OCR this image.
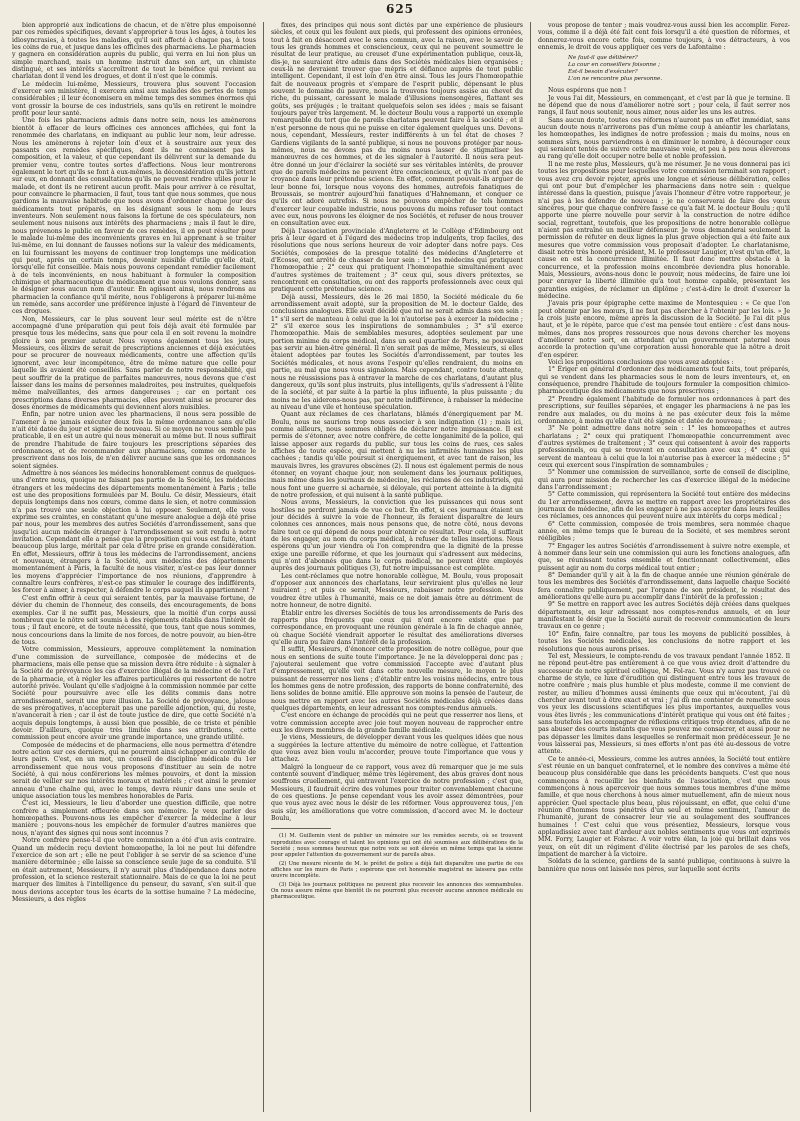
625

bien approprié aux indications de chacun, et de n'être plus empoisonné par ces remèdes spécifiques, devant s'approprier à tous les âges, à toutes les idiosyncrasies, à toutes les maladies, qu'il soit affecté à chaque pas, à tous les coins de rue, et jusque dans les officines des pharmaciens. Le pharmacien y gagnera en considération auprès du public, qui verra en lui non plus un simple marchand, mais un homme instruit dans son art, un chimiste distingué, et ses intérêts s'accroîtront de tout le bénéfice qui revient au charlatan dont il vend les drogues, et dont il n'est que le commis.

Le médecin lui-même, Messieurs, trouvera plus souvent l'occasion d'exercer son ministère, il exercera ainsi aux malades des pertes de temps considérables ; il leur économisera en même temps des sommes énormes qui vont grossir la bourse de ces industriels, sans qu'ils en retirent le moindre profit pour leur santé.

Une fois les pharmaciens admis dans notre sein, nous les amènerons bientôt à effacer de leurs officines ces annonces affichées, qui font la renommée des charlatans, en indiquant au public leur nom, leur adresse. Nous les amènerons à rejeter loin d'eux et à soustraire aux yeux des passants ces remèdes spécifiques, dont ils ne connaissent pas la composition, et la valeur, et que cependant ils délivrent sur la demande du premier venu, contre toutes sortes d'affections. Nous leur montrerons également le tort qu'ils se font à eux-mêmes, la déconsidération qu'ils jettent sur eux, en donnant des consultations qu'ils ne peuvent rendre utiles pour le malade, et dont ils ne retirent aucun profit. Mais pour arriver à ce résultat, pour convaincre le pharmacien, il faut, tous tant que nous sommes, que nous gardions la mauvaise habitude que nous avons d'ordonner chaque jour des médicaments tout préparés, en les désignant sous le nom de leurs inventeurs. Non seulement nous faisons la fortune de ces spéculateurs, non seulement nous nuisons aux intérêts des pharmaciens ; mais il faut le dire, nous prévenons le public en faveur de ces remèdes, il en peut résulter pour le malade lui-même des inconvénients graves en lui apprenant à se traiter lui-même, en lui donnant de fausses notions sur la valeur des médicaments, en lui fournissant les moyens de continuer trop longtemps une médication qui peut, après un certain temps, devenir nuisible d'utile qu'elle était, lorsqu'elle fut conseillée. Mais nous pouvons cependant remédier facilement à de tels inconvénients, en nous habituant à formuler la composition chimique et pharmaceutique du médicament que nous voulons donner, sans le désigner sous aucun nom d'auteur. En agissant ainsi, nous rendrons au pharmacien la confiance qu'il mérite, nous l'obligerons à préparer lui-même un remède, sans accorder une préférence injuste à l'égard de l'inventeur de ces drogues.

Non, Messieurs, car le plus souvent leur seul mérite est de n'être accompagné d'une préparation qui peut fois déjà avait été formulée par presque tous les médecins, sans que pour cela il en soit revenu la moindre gloire à son premier auteur. Nous voyons également tous les jours, Messieurs, ces élixirs de serait de prescriptions anciennes et déjà exécutées pour se procurer de nouveaux médicaments, contre une affection qu'ils ignorent, avec leur incompétence, être de même nature que celle pour laquelle ils avaient été conseillés. Sans parler de notre responsabilité, qui peut souffrir de la pratique de parfaites manœuvres, nous devons que c'est laisser dans les mains de personnes maladroites, peu instruites, quelquefois même malveillantes, des armes dangereuses ; car en portant ces prescriptions dans diverses pharmacies, elles peuvent ainsi se procurer des doses énormes de médicaments qui deviennent alors nuisibles.

Enfin, par notre union avec les pharmaciens, il nous sera possible de l'amener à ne jamais exécuter deux fois la même ordonnance sans qu'elle n'ait été datée du jour et signée de nouveau. Si ce moyen ne vous semble pas praticable, il en est un autre qui nous mènerait au même but. Il nous suffirait de prendre l'habitude de faire toujours les prescriptions séparées des ordonnances, et de recommander aux pharmaciens, comme on reste le prescrivent dans nos lois, de n'en délivrer aucune sans que les ordonnances soient signées.

Admettre à nos séances les médecins honorablement connus de quelques-uns d'entre nous, quoique ne faisant pas partie de la Société, les médecins étrangers et les médecins des départements momentanément à Paris ; telle est une des propositions formulées par M. Boulu. Ce désir, Messieurs, était depuis longtemps dans nos cœurs, comme dans le sien, et notre commission n'a pas trouvé une seule objection à lui opposer. Seulement, elle vous exprime ses craintes, en constatant qu'une mesure analogue a déjà été prise par nous, pour les membres des autres Sociétés d'arrondissement, sans que jusqu'ici aucun médecin étranger à l'arrondissement se soit rendu à notre invitation. Cependant elle a pensé que la proposition qui vous est faite, étant beaucoup plus large, méritait par cela d'être prise en grande considération. En effet, Messieurs, offrir à tous les médecins de l'arrondissement, anciens et nouveaux, étrangers à la Société, aux médecins des départements momentanément à Paris, la faculté de nous visiter, n'est-ce pas leur donner les moyens d'apprécier l'importance de nos réunions, d'apprendre à connaître leurs confrères, n'est-ce pas stimuler le courage des indifférents, les forcer à aimer, à respecter, à défendre le corps auquel ils appartiennent ?

C'est enfin offrir à ceux qui seraient tentés, par la mauvaise fortune, de dévier du chemin de l'honneur, des conseils, des encouragements, de bons exemples. Car il ne suffit pas, Messieurs, que la moitié d'un corps aussi nombreux que le nôtre soit soumis à des règlements établis dans l'intérêt de tous ; il faut encore, et de toute nécessité, que tous, tant que nous sommes, nous concourions dans la limite de nos forces, de notre pouvoir, au bien-être de tous.

Votre commission, Messieurs, approuve complètement la nomination d'une commission de surveillance, composée de médecins et de pharmaciens, mais elle pense que sa mission devra être réduite : à signaler à la Société de prévoyance les cas d'exercice illégal de la médecine et de l'art de la pharmacie, et à régler les affaires particulières qui ressortent de notre autorité privée. Voulant qu'elle s'adjoigne à la commission nommée par cette Société pour poursuivre avec elle les délits commis dans notre arrondissement, serait une pure illusion. La Société de prévoyance, jalouse de ses prérogatives, n'accepterait pas une pareille adjonction, qui, du reste, n'avancerait à rien ; car il est de toute justice de dire, que cette Société n'a acquis depuis longtemps, à aussi bien que possible, de ce triste et pénible devoir. D'ailleurs, quoique très limitée dans ses attributions, cette commission peut encore avoir une grande importance, une grande utilité.

Composée de médecins et de pharmaciens, elle nous permettra d'étendre notre action sur ces derniers, qui ne pourront ainsi échapper au contrôle de leurs pairs. C'est, en un mot, un conseil de discipline médicale du 1er arrondissement que nous vous proposons d'instituer au sein de notre Société, à qui nous conférerions les mêmes pouvoirs, et dont la mission serait de veiller sur nos intérêts moraux et matériels ; c'est ainsi le premier anneau d'une chaîne qui, avec le temps, devra réunir dans une seule et unique association tous les membres honorables de Paris.

C'est ici, Messieurs, le lieu d'aborder une question difficile, que notre confrère a simplement effleurée dans son mémoire. Je veux parler des homœopathes. Pouvons-nous les empêcher d'exercer la médecine à leur manière ; pouvons-nous les empêcher de formuler d'autres manières que nous, n'ayant des signes qui nous sont inconnus ?

Notre confrère pense-t-il que votre commission a été d'un avis contraire. Quand un médecin reçu devient homœopathe, la loi ne peut lui défendre l'exercice de son art ; elle ne peut l'obliger à se servir de sa science d'une manière déterminée ; elle laisse sa conscience seule juge de sa conduite. S'il en était autrement, Messieurs, il n'y aurait plus d'indépendance dans notre profession, et la science resterait stationnaire. Mais de ce que la loi ne peut marquer des limites à l'intelligence du penseur, du savant, s'en suit-il que nous devions accepter tous les écarts de la sottise humaine ? La médecine, Messieurs, a des règles

fixes, des principes qui nous sont dictés par une expérience de plusieurs siècles, et ceux qui les foulent aux pieds, qui professent des opinions erronées, tout à fait en désaccord avec le sens commun, avec la raison, avec le savoir de tous les grands hommes et consciencieux, ceux qui ne peuvent soumettre le résultat de leur pratique, au creuset d'une expérimentation publique, ceux-là, dis-je, ne sauraient être admis dans des Sociétés médicales bien organisées ; ceux-là ne devraient trouver que mépris et défiance auprès de tout public intelligent. Cependant, il est loin d'en être ainsi. Tous les jours l'homœopathie fait de nouveaux progrès et s'empare de l'esprit public, dépensant le plus souvent le domaine du pauvre, nous la trouvons toujours assise au chevet du riche, du puissant, caressant le malade d'illusions mensongères, flattant ses goûts, ses préjugés ; le traitant quelquefois selon ses idées ; mais se faisant toujours payer très largement. M. le docteur Boulu vous a rapporté un exemple remarquable du tort que de pareils charlatans peuvent faire à la société ; et il n'est personne de nous qui ne puisse en citer également quelques uns. Devons-nous, cependant, Messieurs, rester indifférents à un tel état de choses ? Gardiens vigilants de la santé publique, si nous ne pouvons protéger par nous-mêmes, nous ne devons pas du moins nous lasser de stigmatiser les manœuvres de ces hommes, et de les signaler à l'autorité. Il nous sera peut-être donné un jour d'éclairer la société sur ses véritables intérêts, de prouver que de pareils médecins ne peuvent être consciencieux, et qu'ils n'ont pas de croyance dans leur prétendue science. En effet, comment pouvait-ils arguer de leur bonne foi, lorsque nous voyons des hommes, autrefois fanatiques de Broussais, se montrer aujourd'hui fanatiques d'Hahnemann, et conquer ce qu'ils ont adoré autrefois. Si nous ne pouvons empêcher de tels hommes d'exercer leur coupable industrie, nous pouvons du moins refuser tout contact avec eux, nous pouvons les éloigner de nos Sociétés, et refuser de nous trouver en consultation avec eux.

Déjà l'association provinciale d'Angleterre et le Collège d'Edimbourg ont pris à leur égard et à l'égard des médecins trop indulgents, trop faciles, des résolutions que nous serions heureux de voir adopter dans notre pays. Ces Sociétés, composées de la presque totalité des médecins d'Angleterre et d'Ecosse, ont arrêté de chasser de leur sein : 1° les médecins qui pratiquent l'homœopathie ; 2° ceux qui pratiquent l'homœopathie simultanément avec d'autres systèmes de traitement ; 3° ceux qui, sous divers prétextes, se rencontrent en consultation, ou ont des rapports professionnels avec ceux qui pratiquent cette prétendue science.

Déjà aussi, Messieurs, dès le 26 mai 1850, la Société médicale du 6e arrondissement avait adopté, sur la proposition de M. le docteur Galde, des conclusions analogues. Elle avait décidé que nul ne serait admis dans son sein : 1° s'il sert de manteau à celui que la loi n'autorise pas à exercer la médecine ; 2° s'il exerce sous les inspirations de somnambules ; 3° s'il exerce l'homœopathie. Mais de semblables mesures, adoptées seulement par une portion minime du corps médical, dans un seul quartier de Paris, ne pouvaient pas servir au bien-être général. Il n'en serait pas de même, Messieurs, si elles étaient adoptées par toutes les Sociétés d'arrondissement, par toutes les Sociétés médicales, et nous avons l'espoir qu'elles rendraient, du moins en partie, au mal que nous vous signalons. Mais cependant, contre toute attente, nous ne réussissions pas à entraver la marche de ces charlatans, d'autant plus dangereux, qu'ils sont plus instruits, plus intelligents, qu'ils s'adressent à l'élite de la société, et par suite à la partie la plus influente, la plus puissante ; du moins ne les aiderons-nous pas, par notre indifférence, à rabaisser la médecine au niveau d'une vile et honteuse spéculation.

Quant aux réclames de ces charlatans, blâmés d'énergiquement par M. Boulu, nous ne saurions trop nous associer à son indignation (1) ; mais ici, comme ailleurs, nous sommes obligés de déclarer notre impuissance. Il est permis de s'étonner, avec notre confrère, de cette longanimité de la police, qui laisse apposer aux regards du public, sur tous les coins de rues, ces sales affiches de toute espèce, qui mettent à nu les infirmités humaines les plus cachées ; tandis qu'elle poursuit si énergiquement, et avec tant de raison, les mauvais livres, les gravures obscènes (2). Il nous est également permis de nous étonner, en voyant chaque jour, non seulement dans les journaux politiques, mais même dans les journaux de médecine, les réclames de ces industriels, qui nous font une guerre si acharnée, si déloyale, qui portent atteinte à la dignité de notre profession, et qui nuisent à la santé publique.

Nous avons, Messieurs, la conviction que les puissances qui nous sont hostiles ne perdront jamais de vue ce but. En effet, si ces journaux étaient un jour décidés à suivre la voie de l'honneur, ils feraient disparaître de leurs colonnes ces annonces, mais nous pensons que, de notre côté, nous devons faire tout ce qui dépend de nous pour obtenir ce résultat. Pour cela, il suffirait de les engager, au nom du corps médical, à refuser de telles insertions. Nous espérons qu'un jour viendra où l'on comprendra que la dignité de la presse exige une pareille réforme, et que les journaux qui s'adressent aux médecins, qui n'ont d'abonnés que dans le corps médical, ne peuvent être employés auprès des journaux politiques (3), fut notre impuissance est complète.

Les cent-réclames que notre honorable collègue, M. Boulu, vous proposait d'opposer aux annonces des charlatans, leur serviraient plus qu'elles ne leur nuiraient ; et puis ce serait, Messieurs, rabaisser notre profession. Vous voudrez être utiles à l'humanité, mais ce ne doit jamais être au détriment de notre honneur, de notre dignité.

Établir entre les diverses Sociétés de tous les arrondissements de Paris des rapports plus fréquents que ceux qui n'ont encore existé que par correspondance, en provoquant une réunion générale à la fin de chaque année, où chaque Société viendrait apporter le résultat des améliorations diverses qu'elle aura pu faire dans l'intérêt de la profession.

Il suffit, Messieurs, d'énoncer cette proposition de notre collègue, pour que nous en sentions de suite toute l'importance. Je ne la développerai donc pas ; j'ajouterai seulement que votre commission l'accepte avec d'autant plus d'empressement, qu'elle voit dans cette nouvelle mesure, le moyen le plus puissant de resserrer nos liens ; d'établir entre les voisins médecins, entre tous les hommes gens de notre profession, des rapports de bonne confraternité, des liens solides de bonne amitié. Elle approuve son moins la pensée de l'auteur, de nous mettre en rapport avec les autres Sociétés médicales déjà créées dans quelques départements, en leur adressant nos comptes-rendus annuels.

C'est encore en échange de procédés qui ne peut que resserrer nos liens, et votre commission accepte avec joie tout moyen nouveau de rapprocher entre eux les divers membres de la grande famille médicale.

Je viens, Messieurs, de développer devant vous les quelques idées que nous a suggérées la lecture attentive du mémoire de notre collègue, et l'attention que vous avez bien voulu m'accorder, prouve toute l'importance que vous y attachez.

Malgré la longueur de ce rapport, vous avez dû remarquer que je me suis contenté souvent d'indiquer, même très légèrement, des abus graves dont nous souffrons cruellement, qui entravent l'exercice de notre profession ; c'est que, Messieurs, il faudrait écrire des volumes pour traiter convenablement chacune de ces questions. Je pense cependant vous les avoir assez démontrées, pour que vous ayez avec nous le désir de les réformer. Vous approuverez tous, j'en suis sûr, les améliorations que votre commission, d'accord avec M. le docteur Boulu,

(1) M. Guillemin vient de publier un mémoire sur les remèdes secrets, où se trouvent reproduites avec courage et talent les opinions qui ont été soumises aux délibérations de la Société ; nous sommes heureux que notre voix se soit élevée en même temps que la sienne pour appeler l'attention du gouvernement sur de pareils abus.

(2) Une mesure récente de M. le préfet de police a déjà fait disparaître une partie de ces affiches sur les murs de Paris ; espérons que cet honorable magistrat ne laissera pas cette œuvre incomplète.

(3) Déjà les journaux politiques ne peuvent plus recevoir les annonces des somnambules. On nous assure même que bientôt ils ne pourront plus recevoir aucune annonce médicale ou pharmaceutique.

vous propose de tenter ; mais voudrez-vous aussi bien les accomplir. Ferez-vous, comme il a déjà été fait cent fois lorsqu'il a été question de réformes, et donnerez-vous encore cette fois, comme toujours, à vos détracteurs, à vos ennemis, le droit de vous appliquer ces vers de Lafontaine :

Ne faut-il que délibérer?
La cour en conseillers foisonne ;
Est-il besoin d'exécuter?
L'on ne rencontre plus personne.

Nous espérons que non !

Je vous l'ai dit, Messieurs, en commençant, et c'est par là que je termine. Il ne dépend que de nous d'améliorer notre sort ; pour cela, il faut serrer nos rangs, il faut nous soutenir, nous aimer, nous aider les uns les autres.

Sans aucun doute, toutes ces réformes n'auront pas un effet immédiat, sans aucun doute nous n'arriverons pas d'un même coup à anéantir les charlatans, les homœopathes, les indignes de notre profession ; mais du moins, nous en sommes sûrs, nous parviendrons à en diminuer le nombre, à décourager ceux qui seraient tentés de suivre cette mauvaise voie, et peu à peu nous élèverons au rang qu'elle doit occuper notre belle et noble profession.

Il ne me reste plus, Messieurs, qu'à me résumer. Je ne vous donnerai pas ici toutes les propositions pour lesquelles votre commission terminait son rapport ; vous avez cru devoir rejeter, après une longue et sérieuse délibération, celles qui ont pour but d'empêcher les pharmaciens dans notre sein : quelque intéressé dans la question, puisque j'avais l'honneur d'être votre rapporteur, je n'ai pas à les défendre de nouveau ; je ne conserverai de faire des vœux sincères, pour que chaque confrère fasse ce qu'a fait M. le docteur Boulu ; qu'il apporte une pierre nouvelle pour servir à la construction de notre édifice social, regrettant, toutefois, que les propositions de notre honorable collègue n'aient pas entraîné un meilleur défenseur. Je vous demanderai seulement la permission de réfuter en deux lignes la plus grave objection qui a été faite aux mesures que votre commission vous proposait d'adopter. Le charlatanisme, disait notre très honoré président, M. le professeur Laugier, n'est qu'un effet, la cause en est la concurrence illimitée. Il faut donc mettre obstacle à la concurrence, et la profession moins encombrée deviendra plus honorable. Mais, Messieurs, avons-nous donc le pouvoir, nous médecins, de faire une loi pour enrayer la liberté illimitée qu'a tout homme capable, présentant les garanties exigées, de réclamer un diplôme ; c'est-à-dire le droit d'exercer la médecine.

J'avais pris pour épigraphe cette maxime de Montesquieu : « Ce que l'on peut obtenir par les mœurs, il ne faut pas chercher à l'obtenir par les lois. » Je la crois juste encore, même après la discussion de la Société. Je l'ai dit plus haut, et je le répète, parce que c'est ma pensée tout entière : c'est dans nous-mêmes, dans nos propres ressources que nous devons chercher les moyens d'améliorer notre sort, en attendant qu'un gouvernement paternel nous accorde la protection qu'une corporation aussi honorable que la nôtre a droit d'en espérer.

Voici les propositions conclusions que vous avez adoptées :

1° Ériger en général d'ordonner des médicaments tout faits, tout préparés, qui se vendent dans les pharmacies sous le nom de leurs inventeurs, et, en conséquence, prendre l'habitude de toujours formuler la composition chimico-pharmaceutique des médicaments que nous prescrivons ;

2° Prendre également l'habitude de formuler nos ordonnances à part des prescriptions, sur feuilles séparées, et engager les pharmaciens à ne pas les rendre aux malades, ou du moins à ne pas exécuter deux fois la même ordonnance, à moins qu'elle n'ait été signée et datée de nouveau ;

3° Ne point admettre dans notre sein : 1° les homœopathes et autres charlatans ; 2° ceux qui pratiquent l'homœopathie concurremment avec d'autres systèmes de traitement ; 3° ceux qui consentent à avoir des rapports professionnels, ou qui se trouvent en consultation avec eux ; 4° ceux qui servent de manteau à celui que la loi n'autorise pas à exercer la médecine ; 5° ceux qui exercent sous l'inspiration de somnambules ;

5° Nommer une commission de surveillance, sorte de conseil de discipline, qui aura pour mission de rechercher les cas d'exercice illégal de la médecine dans l'arrondissement ;

5° Cette commission, qui représentera la Société tout entière des médecins du 1er arrondissement, devra se mettre en rapport avec les propriétaires des journaux de médecine, afin de les engager à ne pas accepter dans leurs feuilles ces réclames, ces annonces qui peuvent nuire aux intérêts du corps médical ;

6° Cette commission, composée de trois membres, sera nommée chaque année, en même temps que le bureau de la Société, et ses membres seront rééligibles ;

7° Engager les autres Sociétés d'arrondissement à suivre notre exemple, et à nommer dans leur sein une commission qui aura les fonctions analogues, afin que, se réunissant toutes ensemble et fonctionnant collectivement, elles puissent agir au nom du corps médical tout entier ;

8° Demander qu'il y ait à la fin de chaque année une réunion générale de tous les membres des Sociétés d'arrondissement, dans laquelle chaque Société fera connaître publiquement, par l'organe de son président, le résultat des améliorations qu'elle aura pu accomplir dans l'intérêt de la profession ;

9° Se mettre en rapport avec les autres Sociétés déjà créées dans quelques départements, en leur adressant nos comptes-rendus annuels, et en leur manifestant le désir que la Société aurait de recevoir communication de leurs travaux en ce genre ;

10° Enfin, faire connaître, par tous les moyens de publicité possibles, à toutes les Sociétés médicales, les conclusions de notre rapport et les résolutions que nous aurons prises.

Tel est, Messieurs, le compte-rendu de vos travaux pendant l'année 1852. Il ne répond peut-être pas entièrement à ce que vous aviez droit d'attendre du successeur de notre spirituel collègue, M. Fol-rac. Vous n'y aurez pas trouvé ce charme de style, ce luxe d'érudition qui distinguent entre tous les travaux de notre confrère ; mais plus humble et plus modeste, comme il me convient de rester, au milieu d'hommes aussi éminents que ceux qui m'écoutent, j'ai dû chercher avant tout à être exact et vrai ; j'ai dû me contenter de remettre sous vos yeux les discussions scientifiques les plus importantes, auxquelles vous vous êtes livrés ; les communications d'intérêt pratique qui vous ont été faites ; sans toutefois les accompagner de réflexions critiques trop étendues, afin de ne pas abuser des courts instants que vous pouvez me consacrer, et aussi pour ne pas dépasser les limites dans lesquelles se renfermait mon prédécesseur. Je ne vous laisserai pas, Messieurs, si mes efforts n'ont pas été au-dessous de votre attente.

Ce te année-ci, Messieurs, comme les autres années, la Société tout entière s'est réunie en un banquet confraternel, et le nombre des convives a même été beaucoup plus considérable que dans les précédents banquets. C'est que nous commençons à recueillir les bienfaits de l'association, c'est que nous commençons à nous apercevoir que nous sommes tous membres d'une même famille, et que nous cherchons à nous aimer mutuellement, afin de mieux nous apprécier. Quel spectacle plus beau, plus réjouissant, en effet, que celui d'une réunion d'hommes tous pénétrés d'un seul et même sentiment, l'amour de l'humanité, jurant de consacrer leur vie au soulagement des souffrances humaines ! C'est celui que vous présentiez, Messieurs, lorsque vous applaudissiez avec tant d'ardeur aux nobles sentiments que vous ont exprimés MM. Forry, Laugier et Folsrac. À voir votre élan, la joie qui brillait dans vos yeux, on eût dit un régiment d'élite électrisé par les paroles de ses chefs, impatient de marcher à la victoire.

Soldats de la science, gardiens de la santé publique, continuons à suivre la bannière que nous ont laissée nos pères, sur laquelle sont écrits
